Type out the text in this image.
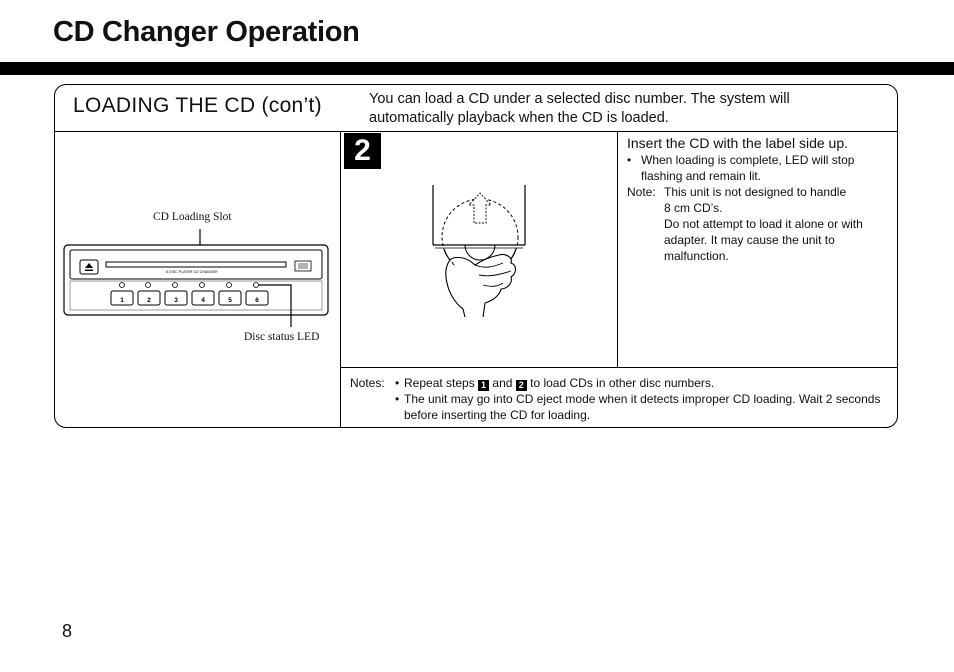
CD Changer Operation
LOADING THE CD (con’t)	You can load a CD under a selected disc number. The system will automatically playback when the CD is loaded.
CD Loading Slot
6 DISC PLAYER CD CHANGER
1	2	3	4	5	6
Disc status LED
2	Insert the CD with the label side up.
• When loading is complete, LED will stop flashing and remain lit.
Note: This unit is not designed to handle
8 cm CD’s.
Do not attempt to load it alone or with adapter. It may cause the unit to malfunction.
Notes: • Repeat steps 1 and 2 to load CDs in other disc numbers.
• The unit may go into CD eject mode when it detects improper CD loading. Wait 2 seconds before inserting the CD for loading.
8
